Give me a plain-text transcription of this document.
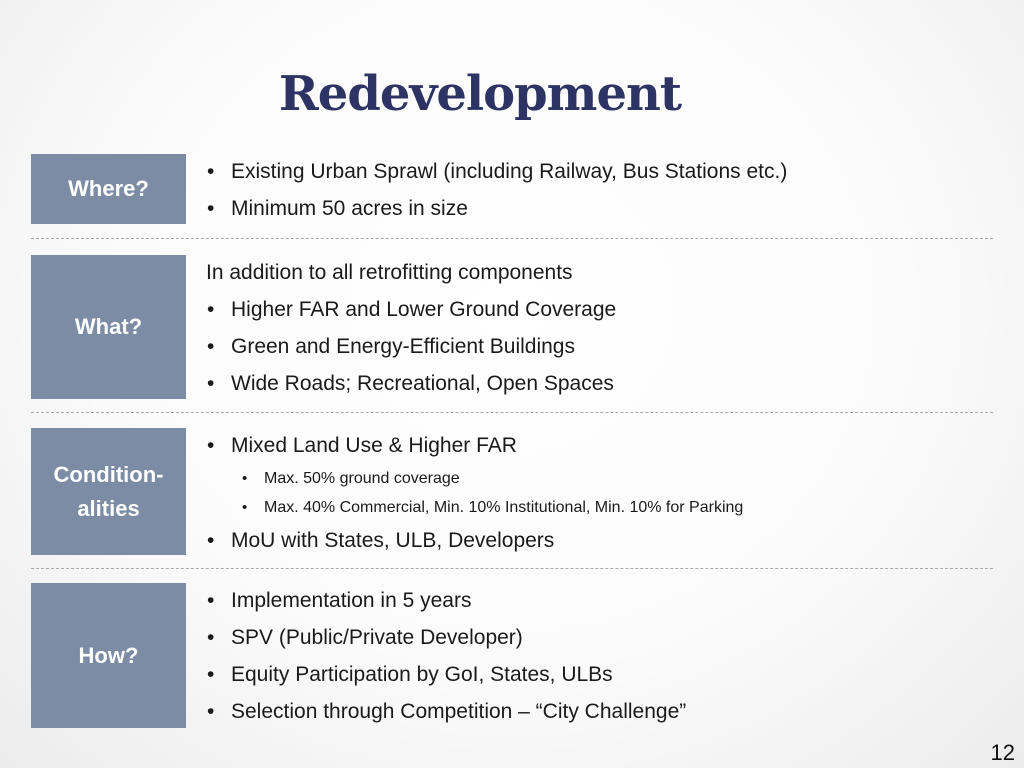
Redevelopment
Where?
• Existing Urban Sprawl (including Railway, Bus Stations etc.)
• Minimum 50 acres in size
What?
In addition to all retrofitting components
• Higher FAR and Lower Ground Coverage
• Green and Energy-Efficient Buildings
• Wide Roads; Recreational, Open Spaces
Condition-alities
• Mixed Land Use & Higher FAR
• Max. 50% ground coverage
• Max. 40% Commercial, Min. 10% Institutional, Min. 10% for Parking
• MoU with States, ULB, Developers
How?
• Implementation in 5 years
• SPV (Public/Private Developer)
• Equity Participation by GoI, States, ULBs
• Selection through Competition – “City Challenge”
12
